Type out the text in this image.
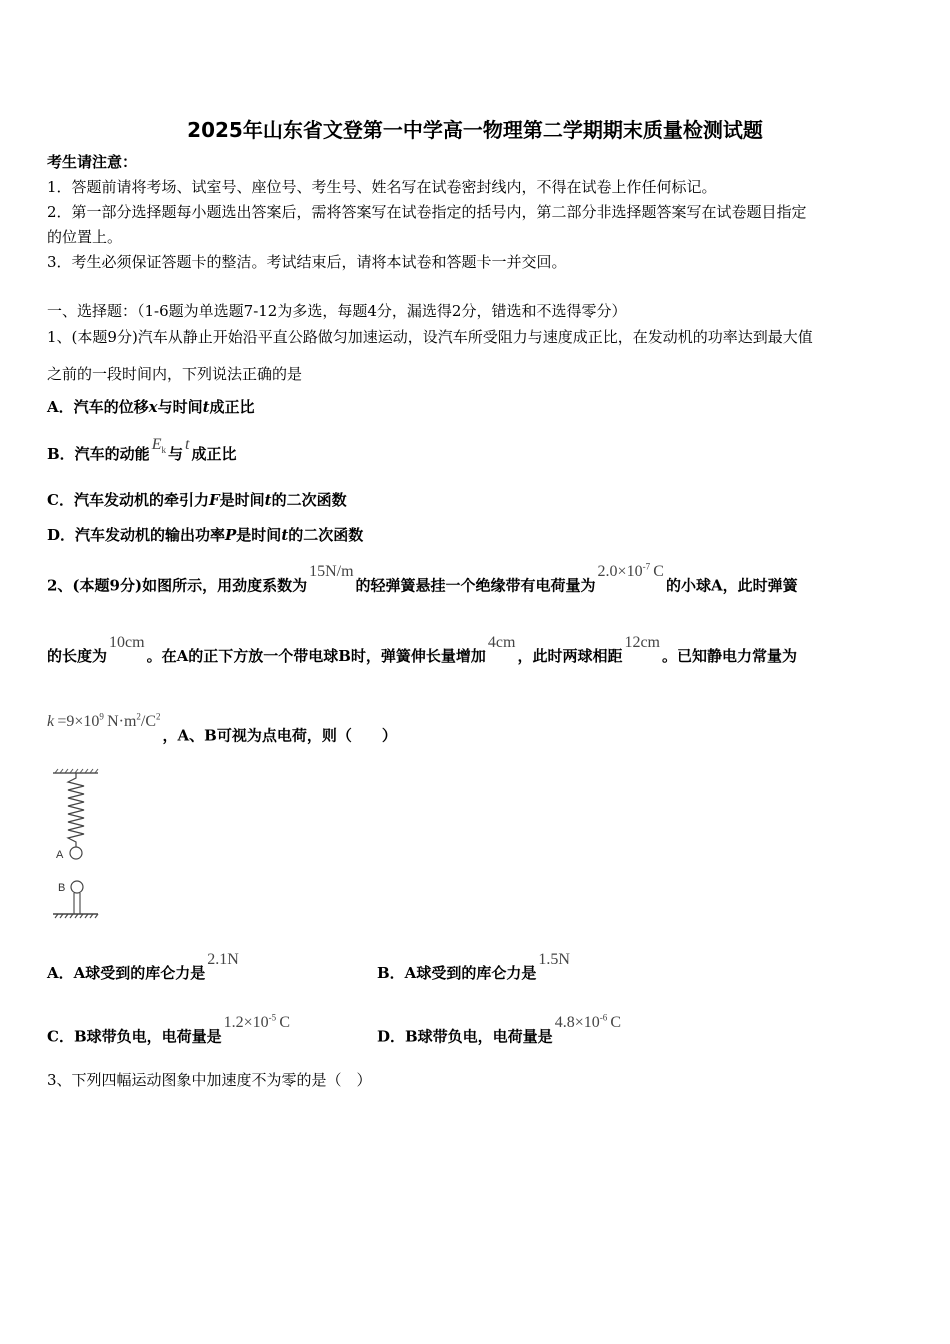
2025年山东省文登第一中学高一物理第二学期期末质量检测试题
考生请注意：
1．答题前请将考场、试室号、座位号、考生号、姓名写在试卷密封线内，不得在试卷上作任何标记。
2．第一部分选择题每小题选出答案后，需将答案写在试卷指定的括号内，第二部分非选择题答案写在试卷题目指定
的位置上。
3．考生必须保证答题卡的整洁。考试结束后，请将本试卷和答题卡一并交回。
一、选择题：（1-6题为单选题7-12为多选，每题4分，漏选得2分，错选和不选得零分）
1、(本题9分)汽车从静止开始沿平直公路做匀加速运动，设汽车所受阻力与速度成正比，在发动机的功率达到最大值
之前的一段时间内，下列说法正确的是
A．汽车的位移x与时间t成正比
B．汽车的动能$E_k$ 与t成正比
C．汽车发动机的牵引力F是时间t的二次函数
D．汽车发动机的输出功率P是时间t的二次函数
2、(本题9分)如图所示，用劲度系数为15N/m的轻弹簧悬挂一个绝缘带有电荷量为$2.0\times 10^{-7}$  C的小球A，此时弹簧
的长度为10cm。在A的正下方放一个带电球B时，弹簧伸长量增加4cm，此时两球相距12cm。已知静电力常量为
$k =9\times 10^9$  $N\cdot m^2/C^2$，A、B可视为点电荷，则（　　）
A
B
A．A球受到的库仑力是2.1N
B．A球受到的库仑力是1.5N
C．B球带负电，电荷量是$1.2\times 10^{-5}$  C
D．B球带负电，电荷量是$4.8\times 10^{-6}$  C
3、下列四幅运动图象中加速度不为零的是（　）
